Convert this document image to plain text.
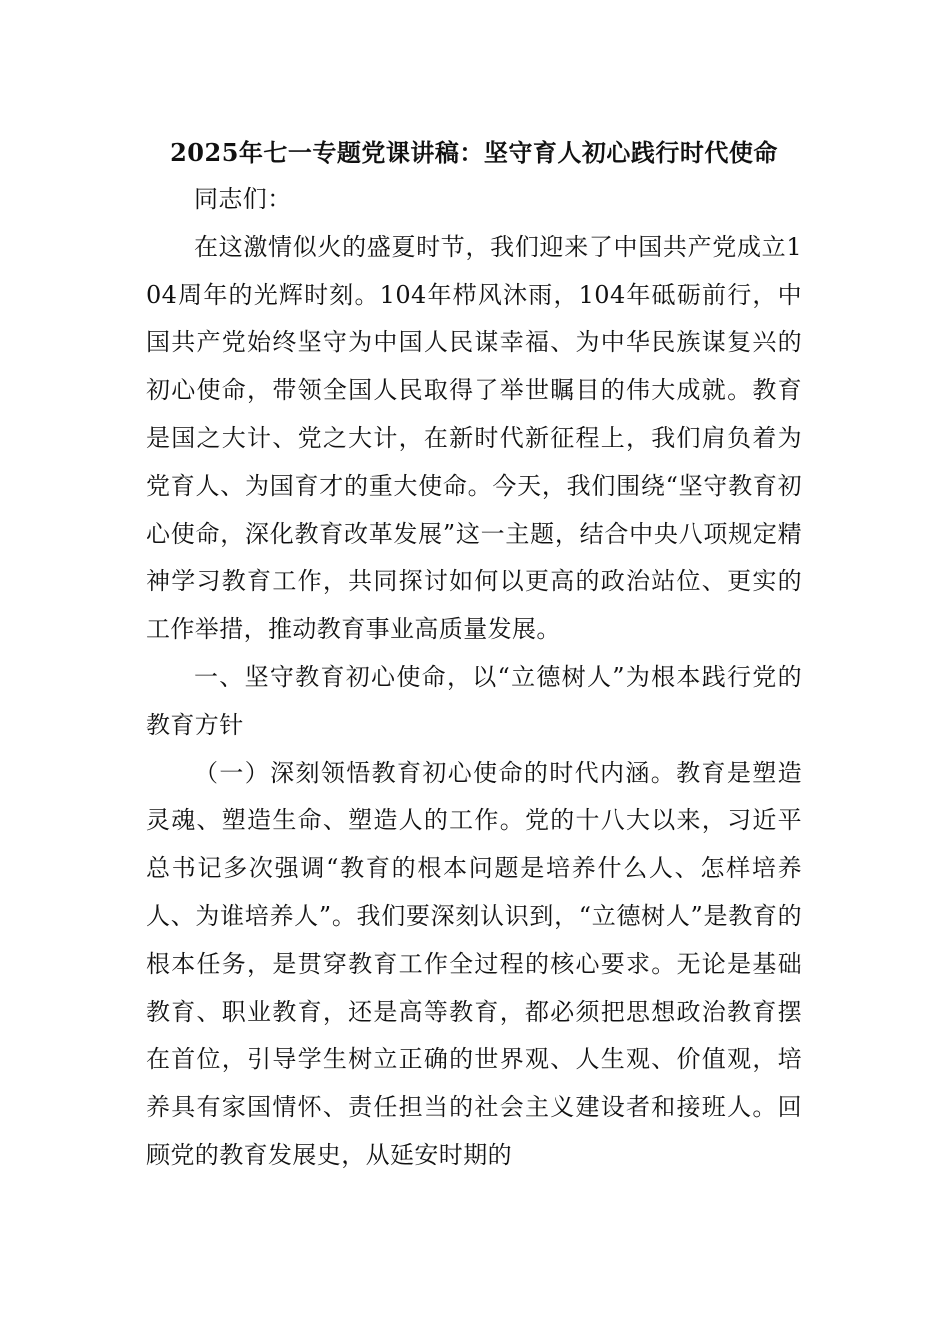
2025年七一专题党课讲稿：坚守育人初心践行时代使命

同志们：

在这激情似火的盛夏时节，我们迎来了中国共产党成立104周年的光辉时刻。104年栉风沐雨，104年砥砺前行，中国共产党始终坚守为中国人民谋幸福、为中华民族谋复兴的初心使命，带领全国人民取得了举世瞩目的伟大成就。教育是国之大计、党之大计，在新时代新征程上，我们肩负着为党育人、为国育才的重大使命。今天，我们围绕“坚守教育初心使命，深化教育改革发展”这一主题，结合中央八项规定精神学习教育工作，共同探讨如何以更高的政治站位、更实的工作举措，推动教育事业高质量发展。

一、坚守教育初心使命，以“立德树人”为根本践行党的教育方针

（一）深刻领悟教育初心使命的时代内涵。教育是塑造灵魂、塑造生命、塑造人的工作。党的十八大以来，习近平总书记多次强调“教育的根本问题是培养什么人、怎样培养人、为谁培养人”。我们要深刻认识到，“立德树人”是教育的根本任务，是贯穿教育工作全过程的核心要求。无论是基础教育、职业教育，还是高等教育，都必须把思想政治教育摆在首位，引导学生树立正确的世界观、人生观、价值观，培养具有家国情怀、责任担当的社会主义建设者和接班人。回顾党的教育发展史，从延安时期的
